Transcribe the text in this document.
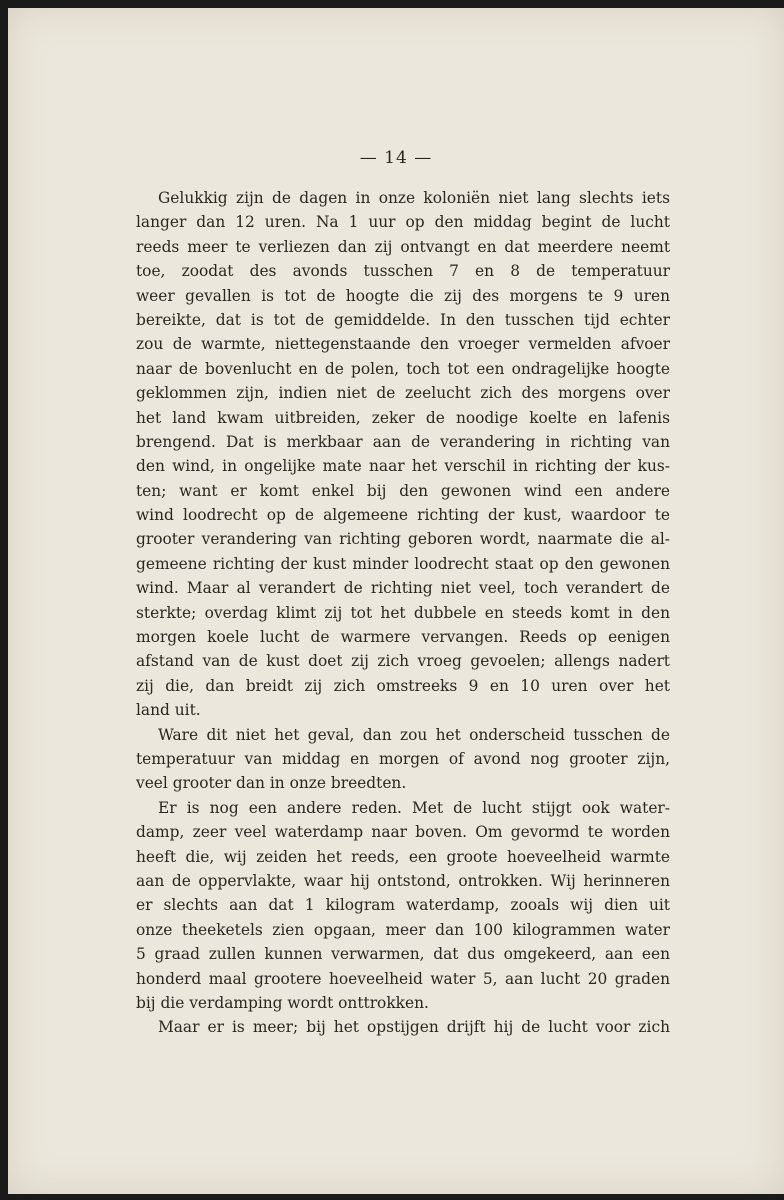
— 14 —
Gelukkig zijn de dagen in onze koloniën niet lang slechts iets
langer dan 12 uren. Na 1 uur op den middag begint de lucht
reeds meer te verliezen dan zij ontvangt en dat meerdere neemt
toe, zoodat des avonds tusschen 7 en 8 de temperatuur
weer gevallen is tot de hoogte die zij des morgens te 9 uren
bereikte, dat is tot de gemiddelde. In den tusschen tijd echter
zou de warmte, niettegenstaande den vroeger vermelden afvoer
naar de bovenlucht en de polen, toch tot een ondragelijke hoogte
geklommen zijn, indien niet de zeelucht zich des morgens over
het land kwam uitbreiden, zeker de noodige koelte en lafenis
brengend. Dat is merkbaar aan de verandering in richting van
den wind, in ongelijke mate naar het verschil in richting der kus-
ten; want er komt enkel bij den gewonen wind een andere
wind loodrecht op de algemeene richting der kust, waardoor te
grooter verandering van richting geboren wordt, naarmate die al-
gemeene richting der kust minder loodrecht staat op den gewonen
wind. Maar al verandert de richting niet veel, toch verandert de
sterkte; overdag klimt zij tot het dubbele en steeds komt in den
morgen koele lucht de warmere vervangen. Reeds op eenigen
afstand van de kust doet zij zich vroeg gevoelen; allengs nadert
zij die, dan breidt zij zich omstreeks 9 en 10 uren over het
land uit.
Ware dit niet het geval, dan zou het onderscheid tusschen de
temperatuur van middag en morgen of avond nog grooter zijn,
veel grooter dan in onze breedten.
Er is nog een andere reden. Met de lucht stijgt ook water-
damp, zeer veel waterdamp naar boven. Om gevormd te worden
heeft die, wij zeiden het reeds, een groote hoeveelheid warmte
aan de oppervlakte, waar hij ontstond, ontrokken. Wij herinneren
er slechts aan dat 1 kilogram waterdamp, zooals wij dien uit
onze theeketels zien opgaan, meer dan 100 kilogrammen water
5 graad zullen kunnen verwarmen, dat dus omgekeerd, aan een
honderd maal grootere hoeveelheid water 5, aan lucht 20 graden
bij die verdamping wordt onttrokken.
Maar er is meer; bij het opstijgen drijft hij de lucht voor zich
